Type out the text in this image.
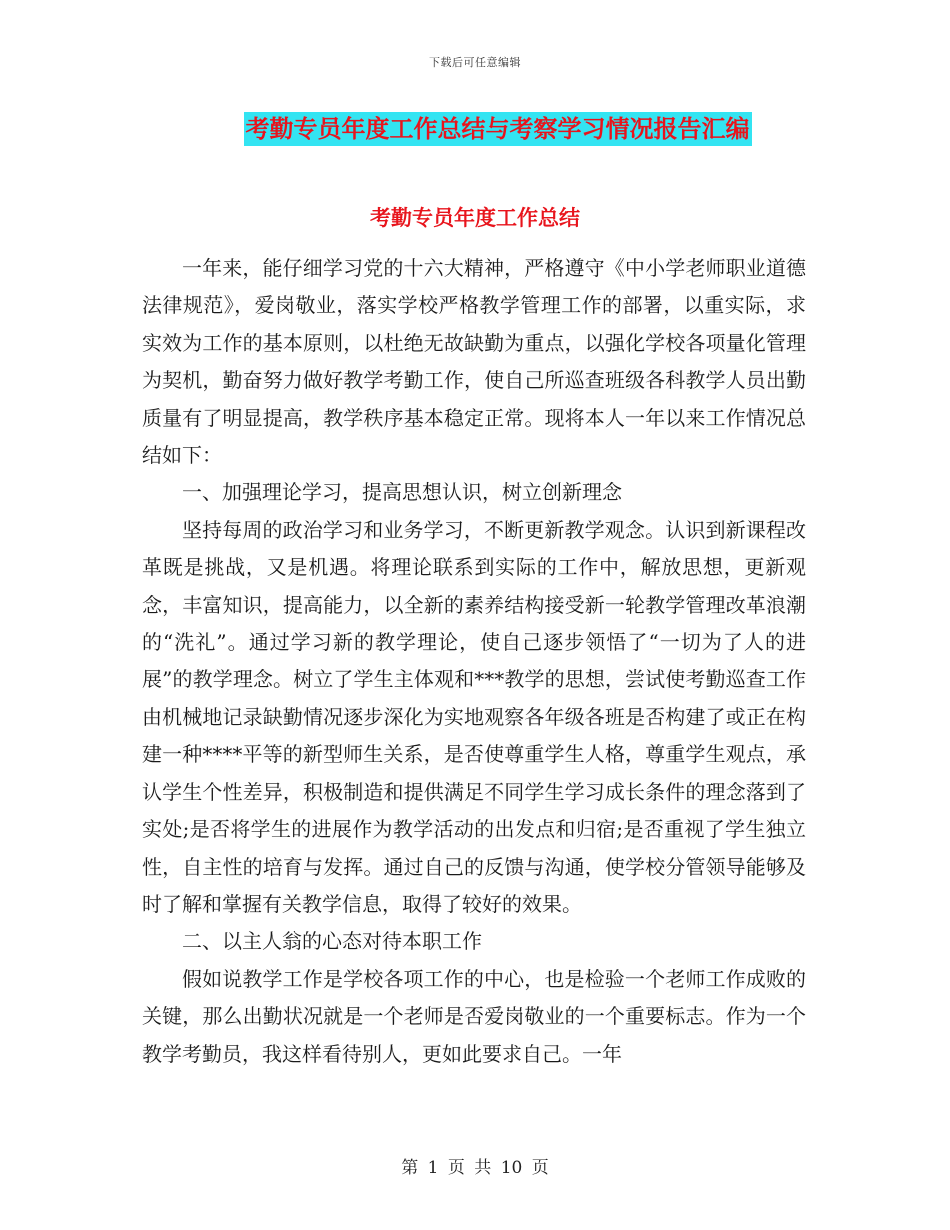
下载后可任意编辑
考勤专员年度工作总结与考察学习情况报告汇编
考勤专员年度工作总结

一年来，能仔细学习党的十六大精神，严格遵守《中小学老师职业道德法律规范》，爱岗敬业，落实学校严格教学管理工作的部署，以重实际，求实效为工作的基本原则，以杜绝无故缺勤为重点，以强化学校各项量化管理为契机，勤奋努力做好教学考勤工作，使自己所巡查班级各科教学人员出勤质量有了明显提高，教学秩序基本稳定正常。现将本人一年以来工作情况总结如下：

一、加强理论学习，提高思想认识，树立创新理念

坚持每周的政治学习和业务学习，不断更新教学观念。认识到新课程改革既是挑战，又是机遇。将理论联系到实际的工作中，解放思想，更新观念，丰富知识，提高能力，以全新的素养结构接受新一轮教学管理改革浪潮的“洗礼”。通过学习新的教学理论，使自己逐步领悟了“一切为了人的进展”的教学理念。树立了学生主体观和***教学的思想，尝试使考勤巡查工作由机械地记录缺勤情况逐步深化为实地观察各年级各班是否构建了或正在构建一种****平等的新型师生关系，是否使尊重学生人格，尊重学生观点，承认学生个性差异，积极制造和提供满足不同学生学习成长条件的理念落到了实处;是否将学生的进展作为教学活动的出发点和归宿;是否重视了学生独立性，自主性的培育与发挥。通过自己的反馈与沟通，使学校分管领导能够及时了解和掌握有关教学信息，取得了较好的效果。

二、以主人翁的心态对待本职工作

假如说教学工作是学校各项工作的中心，也是检验一个老师工作成败的关键，那么出勤状况就是一个老师是否爱岗敬业的一个重要标志。作为一个教学考勤员，我这样看待别人，更如此要求自己。一年

第 1 页 共 10 页
